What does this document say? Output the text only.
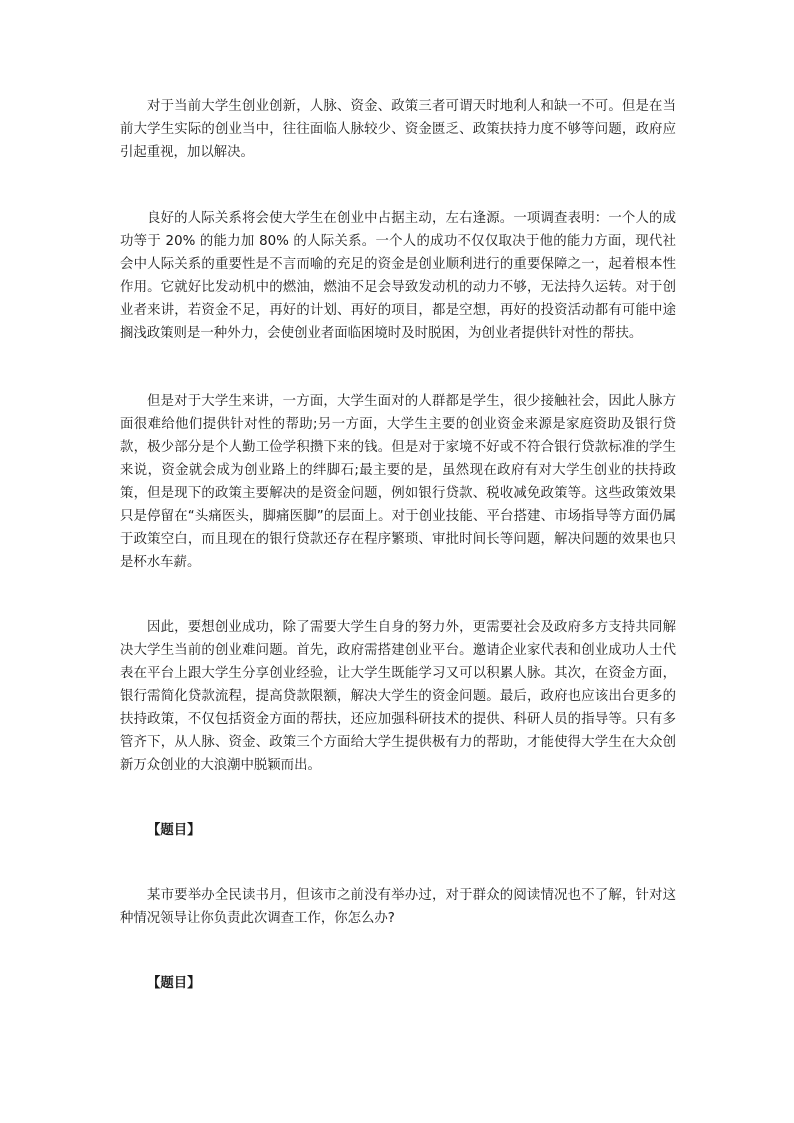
对于当前大学生创业创新，人脉、资金、政策三者可谓天时地利人和缺一不可。但是在当前大学生实际的创业当中，往往面临人脉较少、资金匮乏、政策扶持力度不够等问题，政府应引起重视，加以解决。

良好的人际关系将会使大学生在创业中占据主动，左右逢源。一项调查表明：一个人的成功等于 20% 的能力加 80% 的人际关系。一个人的成功不仅仅取决于他的能力方面，现代社会中人际关系的重要性是不言而喻的充足的资金是创业顺利进行的重要保障之一，起着根本性作用。它就好比发动机中的燃油，燃油不足会导致发动机的动力不够，无法持久运转。对于创业者来讲，若资金不足，再好的计划、再好的项目，都是空想，再好的投资活动都有可能中途搁浅政策则是一种外力，会使创业者面临困境时及时脱困，为创业者提供针对性的帮扶。

但是对于大学生来讲，一方面，大学生面对的人群都是学生，很少接触社会，因此人脉方面很难给他们提供针对性的帮助;另一方面，大学生主要的创业资金来源是家庭资助及银行贷款，极少部分是个人勤工俭学积攒下来的钱。但是对于家境不好或不符合银行贷款标准的学生来说，资金就会成为创业路上的绊脚石;最主要的是，虽然现在政府有对大学生创业的扶持政策，但是现下的政策主要解决的是资金问题，例如银行贷款、税收减免政策等。这些政策效果只是停留在“头痛医头，脚痛医脚”的层面上。对于创业技能、平台搭建、市场指导等方面仍属于政策空白，而且现在的银行贷款还存在程序繁琐、审批时间长等问题，解决问题的效果也只是杯水车薪。

因此，要想创业成功，除了需要大学生自身的努力外，更需要社会及政府多方支持共同解决大学生当前的创业难问题。首先，政府需搭建创业平台。邀请企业家代表和创业成功人士代表在平台上跟大学生分享创业经验，让大学生既能学习又可以积累人脉。其次，在资金方面，银行需简化贷款流程，提高贷款限额，解决大学生的资金问题。最后，政府也应该出台更多的扶持政策，不仅包括资金方面的帮扶，还应加强科研技术的提供、科研人员的指导等。只有多管齐下，从人脉、资金、政策三个方面给大学生提供极有力的帮助，才能使得大学生在大众创新万众创业的大浪潮中脱颖而出。

【题目】

某市要举办全民读书月，但该市之前没有举办过，对于群众的阅读情况也不了解，针对这种情况领导让你负责此次调查工作，你怎么办?

【题目】
